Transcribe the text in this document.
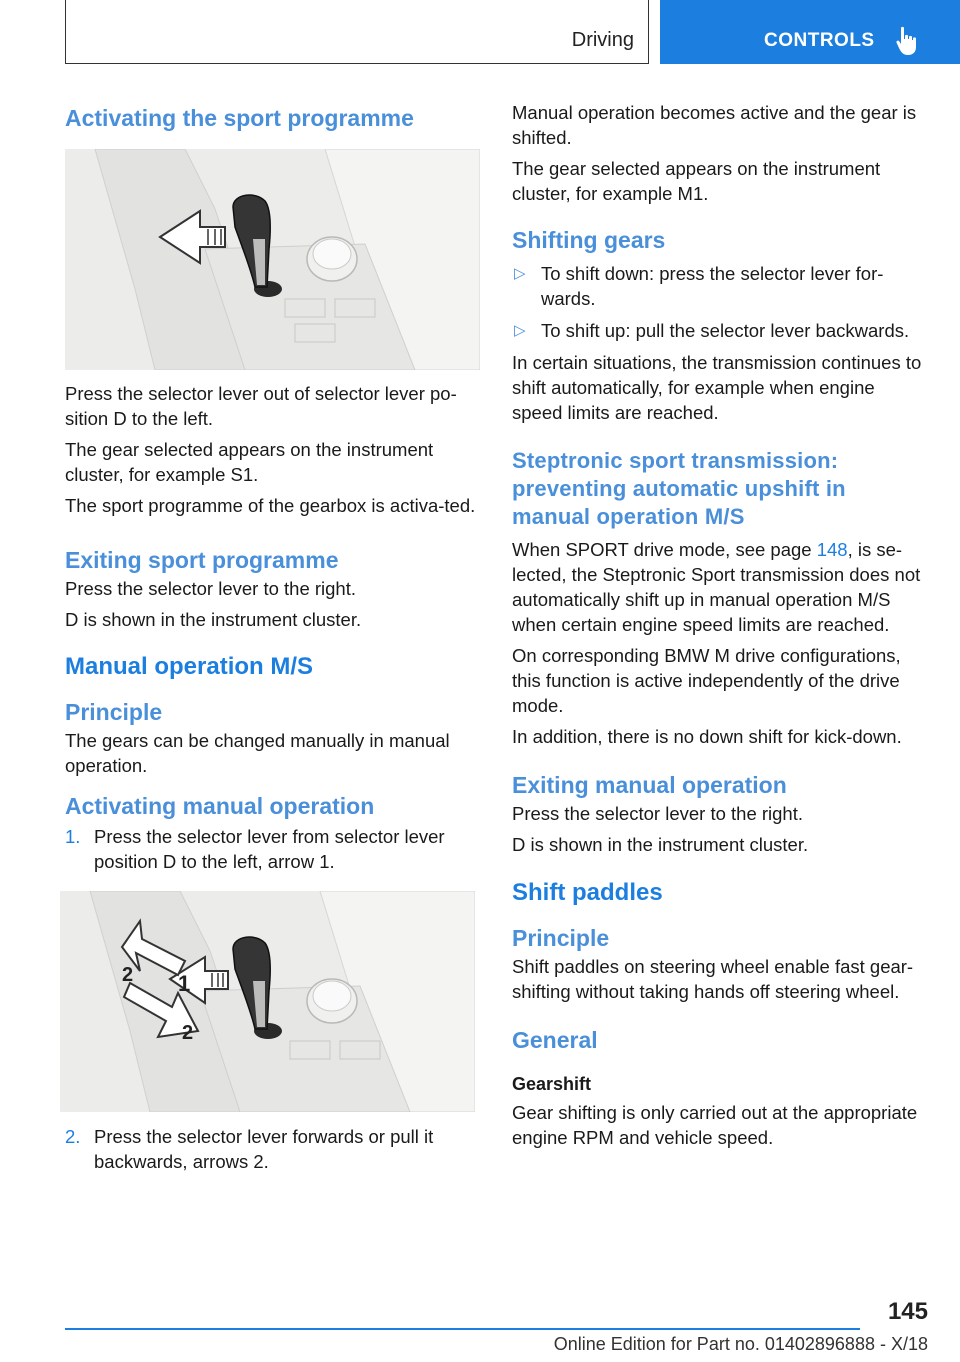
Driving	CONTROLS
Activating the sport programme

Press the selector lever out of selector lever po-sition D to the left.

The gear selected appears on the instrument cluster, for example S1.

The sport programme of the gearbox is activa-ted.

Exiting sport programme

Press the selector lever to the right.

D is shown in the instrument cluster.

Manual operation M/S
Principle

The gears can be changed manually in manual operation.

Activating manual operation
1. Press the selector lever from selector lever position D to the left, arrow 1.
1
2
2
2. Press the selector lever forwards or pull it backwards, arrows 2.

Manual operation becomes active and the gear is shifted.

The gear selected appears on the instrument cluster, for example M1.

Shifting gears
▷ To shift down: press the selector lever for-wards.
▷ To shift up: pull the selector lever backwards.

In certain situations, the transmission continues to shift automatically, for example when engine speed limits are reached.

Steptronic sport transmission: preventing automatic upshift in manual operation M/S

When SPORT drive mode, see page 148, is se-lected, the Steptronic Sport transmission does not automatically shift up in manual operation M/S when certain engine speed limits are reached.

On corresponding BMW M drive configurations, this function is active independently of the drive mode.

In addition, there is no down shift for kick-down.

Exiting manual operation

Press the selector lever to the right.

D is shown in the instrument cluster.

Shift paddles
Principle

Shift paddles on steering wheel enable fast gear-shifting without taking hands off steering wheel.

General
Gearshift

Gear shifting is only carried out at the appropriate engine RPM and vehicle speed.

145
Online Edition for Part no. 01402896888 - X/18
